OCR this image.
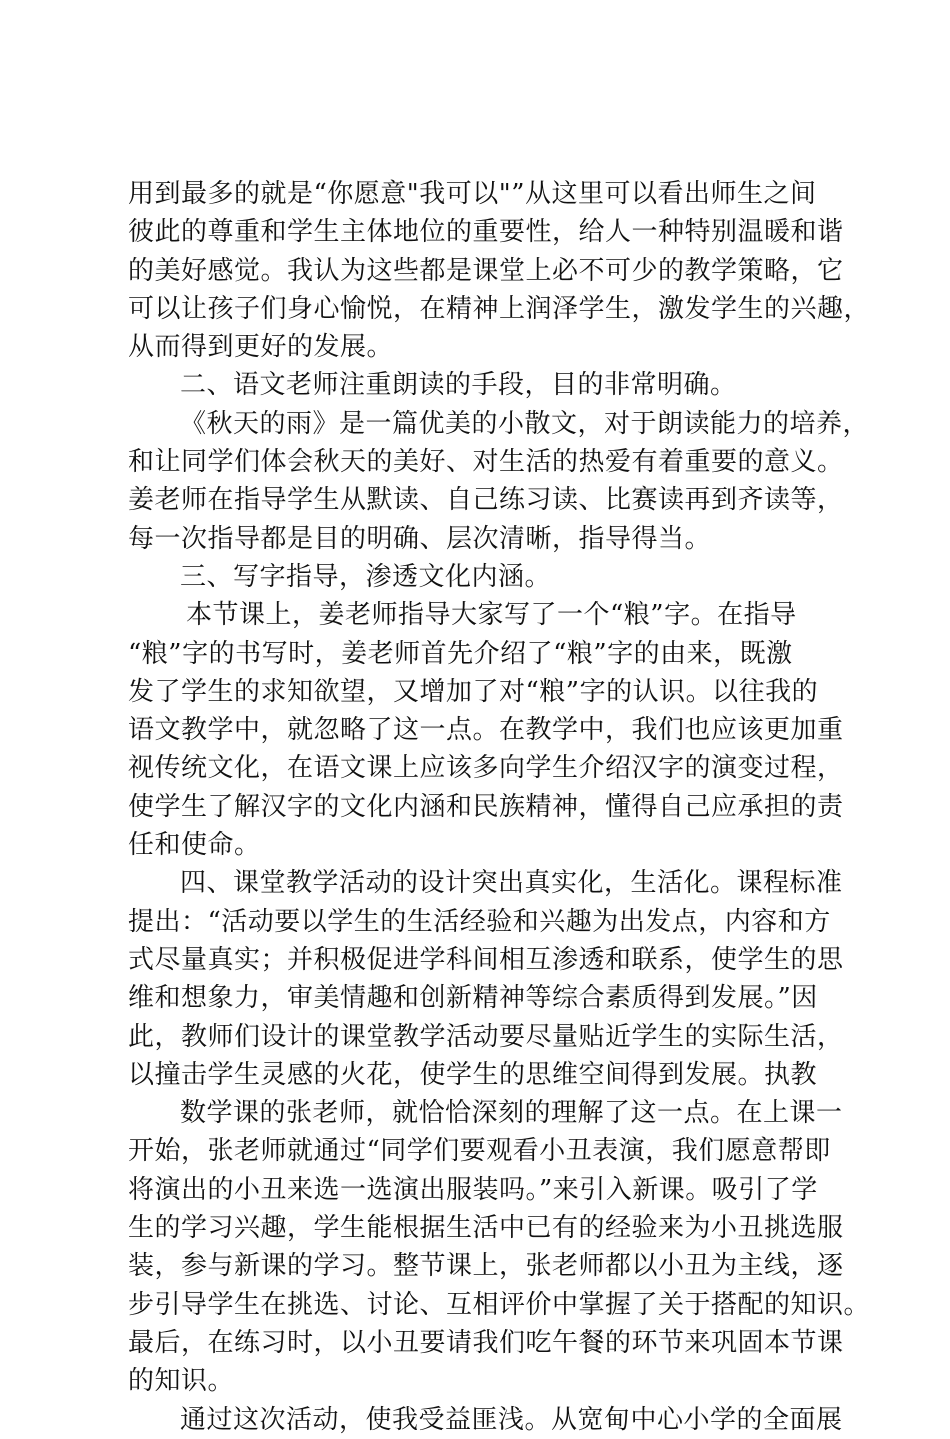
用到最多的就是“你愿意"我可以"”从这里可以看出师生之间
彼此的尊重和学生主体地位的重要性，给人一种特别温暖和谐
的美好感觉。我认为这些都是课堂上必不可少的教学策略，它
可以让孩子们身心愉悦，在精神上润泽学生，激发学生的兴趣，
从而得到更好的发展。
二、语文老师注重朗读的手段，目的非常明确。
《秋天的雨》是一篇优美的小散文，对于朗读能力的培养，
和让同学们体会秋天的美好、对生活的热爱有着重要的意义。
姜老师在指导学生从默读、自己练习读、比赛读再到齐读等，
每一次指导都是目的明确、层次清晰，指导得当。
三、写字指导，渗透文化内涵。
本节课上，姜老师指导大家写了一个“粮”字。在指导
“粮”字的书写时，姜老师首先介绍了“粮”字的由来，既激
发了学生的求知欲望，又增加了对“粮”字的认识。以往我的
语文教学中，就忽略了这一点。在教学中，我们也应该更加重
视传统文化，在语文课上应该多向学生介绍汉字的演变过程，
使学生了解汉字的文化内涵和民族精神，懂得自己应承担的责
任和使命。
四、课堂教学活动的设计突出真实化，生活化。课程标准
提出：“活动要以学生的生活经验和兴趣为出发点，内容和方
式尽量真实；并积极促进学科间相互渗透和联系，使学生的思
维和想象力，审美情趣和创新精神等综合素质得到发展。”因
此，教师们设计的课堂教学活动要尽量贴近学生的实际生活，
以撞击学生灵感的火花，使学生的思维空间得到发展。执教
数学课的张老师，就恰恰深刻的理解了这一点。在上课一
开始，张老师就通过“同学们要观看小丑表演，我们愿意帮即
将演出的小丑来选一选演出服装吗。”来引入新课。吸引了学
生的学习兴趣，学生能根据生活中已有的经验来为小丑挑选服
装，参与新课的学习。整节课上，张老师都以小丑为主线，逐
步引导学生在挑选、讨论、互相评价中掌握了关于搭配的知识。
最后，在练习时，以小丑要请我们吃午餐的环节来巩固本节课
的知识。
通过这次活动，使我受益匪浅。从宽甸中心小学的全面展
